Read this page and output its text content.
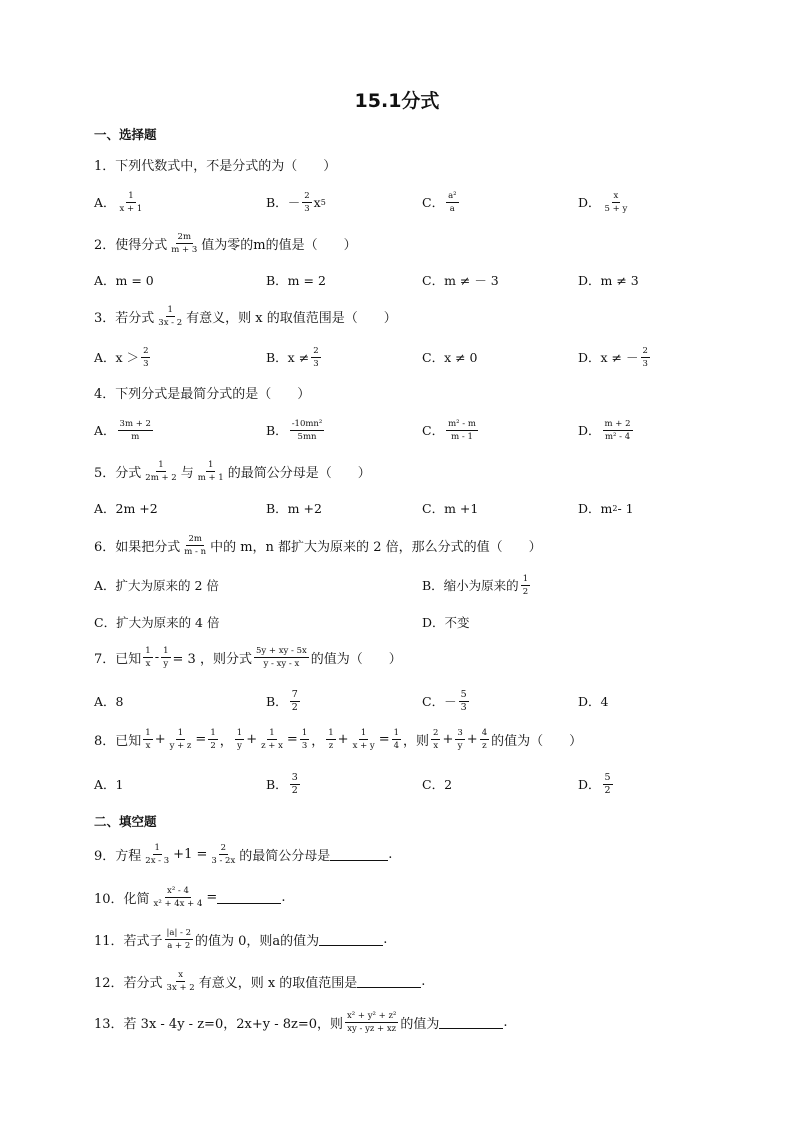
15.1分式
一、选择题
1．下列代数式中，不是分式的为（　　）
A． $\frac{1}{x + 1}$	B． － $\frac{2}{3}$ x 5	C． $\frac{\text{a²}}{a}$	D． $\frac{x}{5 + y}$
2．使得分式 $\frac{2m}{m + 3}$ 值为零的m的值是（　　）
A．m = 0	B．m = 2	C．m ≠ － 3	D．m ≠ 3
3．若分式 $\frac{1}{3x - 2}$ 有意义，则 x 的取值范围是（　　）
A．$x > \frac{2}{3}$	B．$x \ne \frac{2}{3}$	C．x ≠ 0	D．x ≠ － $\frac{2}{3}$
4．下列分式是最简分式的是（　　）
A． $\frac{3m + 2}{m}$	B． $\frac{\text{-10mn²}}{5mn}$	C． $\frac{\text{m² - m}}{m - 1}$	D． $\frac{m + 2}{\text{m² - 4}}$
5．分式 $\frac{1}{2m + 2}$ 与 $\frac{1}{m + 1}$ 的最简公分母是（　　）
A．2m +2	B．m +2	C．m +1	D．m 2 - 1
6．如果把分式 $\frac{2m}{m - n}$ 中的 m，n 都扩大为原来的 2 倍，那么分式的值（　　）
A．扩大为原来的 2 倍	B．缩小为原来的 $\frac{1}{2}$
C．扩大为原来的 4 倍	D．不变
7．已知 $\frac{1}{x} - \frac{1}{y} = 3$ ，则分式 $\frac{5y + xy - 5x}{y - xy - x}$ 的值为（　　）
A．8	B． $\frac{7}{2}$	C．－ $\frac{5}{3}$	D．4
8．已知 $\frac{1}{x} + \frac{1}{y + z} = \frac{1}{2}$ ， $\frac{1}{y} + \frac{1}{z + x} = \frac{1}{3}$ ， $\frac{1}{z} + \frac{1}{x + y} = \frac{1}{4}$ ，则 $\frac{2}{x} + \frac{3}{y} + \frac{4}{z}$ 的值为（　　）
A．1	B． $\frac{3}{2}$	C．2	D． $\frac{5}{2}$
二、填空题
9．方程 $\frac{1}{2x - 3} +1 = \frac{2}{3 - 2x}$ 的最简公分母是	.
10．化简 $\frac{\text{x² - 4}}{\text{x² + 4x + 4}}$ =	.
11．若式子 $\frac{|a| - 2}{a + 2}$ 的值为 0，则a的值为	.
12．若分式 $\frac{x}{3x + 2}$ 有意义，则 x 的取值范围是	.
13．若 3x - 4y - z=0，2x+y - 8z=0，则 $\frac{\text{x² + y² + z²}}{xy - yz + xz}$ 的值为	.
